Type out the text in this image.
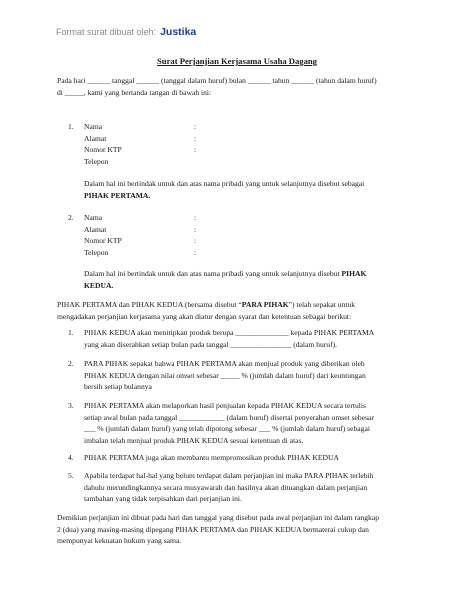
Format surat dibuat oleh: Justika
Surat Perjanjian Kerjasama Usaha Dagang
Pada hari ______ tanggal ______ (tanggal dalam huruf) bulan ______ tahun ______ (tahun dalam huruf)
di _____, kami yang bertanda tangan di bawah ini:
1. Nama
Alamat
Nomor KTP
Telepon
:
:
:
Dalam hal ini bertindak untuk dan atas nama pribadi yang untuk selanjutnya disebut sebagai
PIHAK PERTAMA.
2. Nama
Alamat
Nomor KTP
Telepon
:
:
:
:
Dalam hal ini bertindak untuk dan atas nama pribadi yang untuk selanjutnya disebut PIHAK
KEDUA.
PIHAK PERTAMA dan PIHAK KEDUA (bersama disebut “PARA PIHAK”) telah sepakat untuk
mengadakan perjanjian kerjasama yang akan diatur dengan syarat dan ketentuan sebagai berikut:
1. PIHAK KEDUA akan menitipkan produk berupa ______________ kepada PIHAK PERTAMA
yang akan diserahkan setiap bulan pada tanggal ________________ (dalam huruf).
2. PARA PIHAK sepakat bahwa PIHAK PERTAMA akan menjual produk yang diberikan oleh
PIHAK KEDUA dengan nilai omset sebesar _____ % (jumlah dalam huruf) dari keuntungan
bersih setiap bulannya
3. PIHAK PERTAMA akan melaporkan hasil penjualan kepada PIHAK KEDUA secara tertulis
setiap awal bulan pada tanggal ____________ (dalam huruf) disertai penyerahan omset sebesar
___ % (jumlah dalam huruf) yang telah dipotong sebesar ___ % (jumlah dalam huruf) sebagai
imbalan telah menjual produk PIHAK KEDUA sesuai ketentuan di atas.
4. PIHAK PERTAMA juga akan membantu mempromosikan produk PIHAK KEDUA
5. Apabila terdapat hal-hal yang belum terdapat dalam perjanjian ini maka PARA PIHAK terlebih
dahulu merundingkannya secara musyawarah dan hasilnya akan dituangkan dalam perjanjian
tambahan yang tidak terpisahkan dari perjanjian ini.
Demikian perjanjian ini dibuat pada hari dan tanggal yang disebut pada awal perjanjian ini dalam rangkap
2 (dua) yang masing-masing dipegang PIHAK PERTAMA dan PIHAK KEDUA bermaterai cukup dan
mempunyai kekuatan hukum yang sama.
